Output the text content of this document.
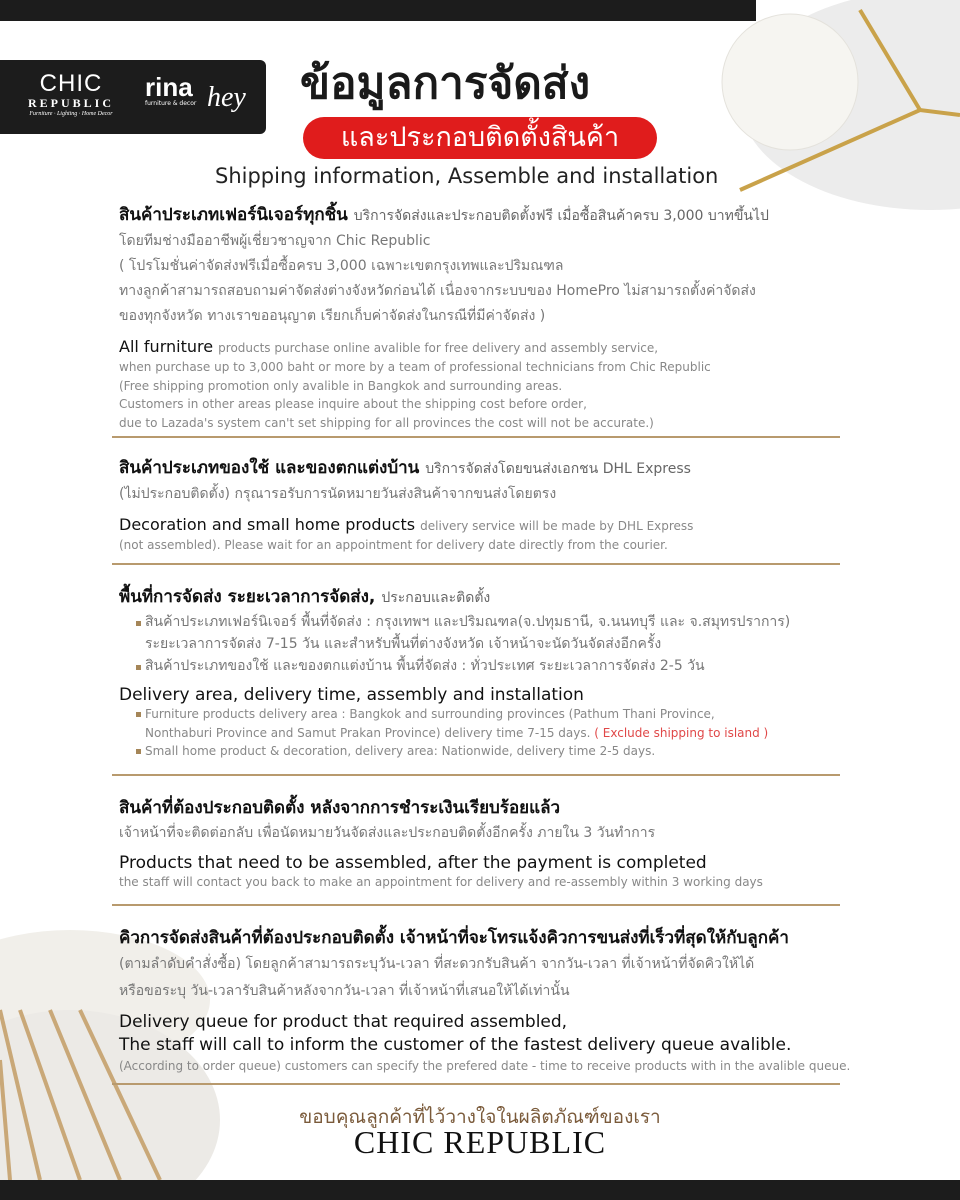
CHIC
REPUBLIC
Furniture · Lighting · Home Decor
rina
furniture & decor hey ข้อมูลการจัดส่ง
และประกอบติดตั้งสินค้า
Shipping information, Assemble and installation
สินค้าประเภทเฟอร์นิเจอร์ทุกชิ้น บริการจัดส่งและประกอบติดตั้งฟรี เมื่อซื้อสินค้าครบ 3,000 บาทขึ้นไป
โดยทีมช่างมืออาชีพผู้เชี่ยวชาญจาก Chic Republic
( โปรโมชั่นค่าจัดส่งฟรีเมื่อซื้อครบ 3,000 เฉพาะเขตกรุงเทพและปริมณฑล
ทางลูกค้าสามารถสอบถามค่าจัดส่งต่างจังหวัดก่อนได้ เนื่องจากระบบของ HomePro ไม่สามารถตั้งค่าจัดส่ง
ของทุกจังหวัด ทางเราขออนุญาต เรียกเก็บค่าจัดส่งในกรณีที่มีค่าจัดส่ง )
All furniture products purchase online avalible for free delivery and assembly service,
when purchase up to 3,000 baht or more by a team of professional technicians from Chic Republic
(Free shipping promotion only avalible in Bangkok and surrounding areas.
Customers in other areas please inquire about the shipping cost before order,
due to Lazada's system can't set shipping for all provinces the cost will not be accurate.)
สินค้าประเภทของใช้ และของตกแต่งบ้าน บริการจัดส่งโดยขนส่งเอกชน DHL Express
(ไม่ประกอบติดตั้ง) กรุณารอรับการนัดหมายวันส่งสินค้าจากขนส่งโดยตรง
Decoration and small home products delivery service will be made by DHL Express
(not assembled). Please wait for an appointment for delivery date directly from the courier.
พื้นที่การจัดส่ง ระยะเวลาการจัดส่ง, ประกอบและติดตั้ง
สินค้าประเภทเฟอร์นิเจอร์ พื้นที่จัดส่ง : กรุงเทพฯ และปริมณฑล(จ.ปทุมธานี, จ.นนทบุรี และ จ.สมุทรปราการ)
ระยะเวลาการจัดส่ง 7-15 วัน และสำหรับพื้นที่ต่างจังหวัด เจ้าหน้าจะนัดวันจัดส่งอีกครั้ง
สินค้าประเภทของใช้ และของตกแต่งบ้าน พื้นที่จัดส่ง : ทั่วประเทศ ระยะเวลาการจัดส่ง 2-5 วัน
Delivery area, delivery time, assembly and installation
Furniture products delivery area : Bangkok and surrounding provinces (Pathum Thani Province,
Nonthaburi Province and Samut Prakan Province) delivery time 7-15 days. ( Exclude shipping to island )
Small home product & decoration, delivery area: Nationwide, delivery time 2-5 days.
สินค้าที่ต้องประกอบติดตั้ง หลังจากการชำระเงินเรียบร้อยแล้ว
เจ้าหน้าที่จะติดต่อกลับ เพื่อนัดหมายวันจัดส่งและประกอบติดตั้งอีกครั้ง ภายใน 3 วันทำการ
Products that need to be assembled, after the payment is completed
the staff will contact you back to make an appointment for delivery and re-assembly within 3 working days
คิวการจัดส่งสินค้าที่ต้องประกอบติดตั้ง เจ้าหน้าที่จะโทรแจ้งคิวการขนส่งที่เร็วที่สุดให้กับลูกค้า
(ตามลำดับคำสั่งซื้อ) โดยลูกค้าสามารถระบุวัน-เวลา ที่สะดวกรับสินค้า จากวัน-เวลา ที่เจ้าหน้าที่จัดคิวให้ได้
หรือขอระบุ วัน-เวลารับสินค้าหลังจากวัน-เวลา ที่เจ้าหน้าที่เสนอให้ได้เท่านั้น
Delivery queue for product that required assembled,
The staff will call to inform the customer of the fastest delivery queue avalible.
(According to order queue) customers can specify the prefered date - time to receive products with in the avalible queue.
ขอบคุณลูกค้าที่ไว้วางใจในผลิตภัณฑ์ของเรา
CHIC REPUBLIC
